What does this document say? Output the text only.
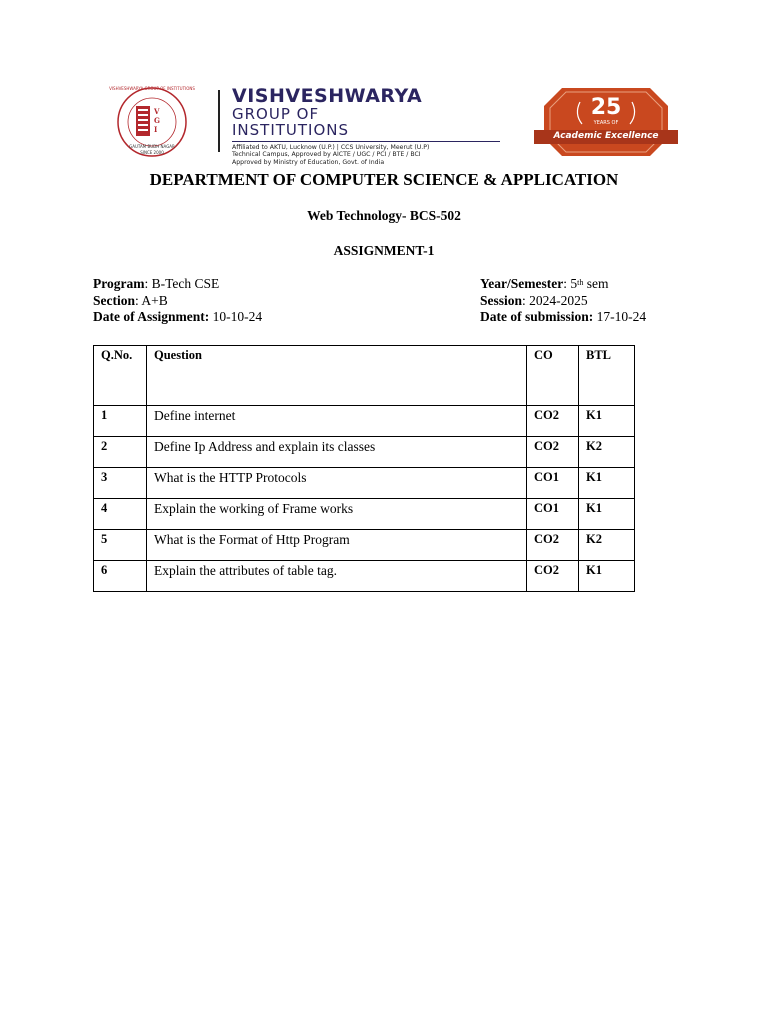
V
G
I
VISHVESHWARYA GROUP OF INSTITUTIONS
GAUTAM BUDH NAGAR
SINCE 2000
VISHVESHWARYA
GROUP OF
INSTITUTIONS
Affiliated to AKTU, Lucknow (U.P.) | CCS University, Meerut (U.P)
Technical Campus, Approved by AICTE / UGC / PCI / BTE / BCI
Approved by Ministry of Education, Govt. of India
25
YEARS OF
Academic Excellence
DEPARTMENT OF COMPUTER SCIENCE & APPLICATION
Web Technology- BCS-502
ASSIGNMENT-1
Program: B-Tech CSE
Section: A+B
Date of Assignment: 10-10-24
Year/Semester: 5th sem
Session: 2024-2025
Date of submission: 17-10-24
Q.No.	Question	CO	BTL

1	Define internet	CO2	K1

2	Define Ip Address and explain its classes	CO2	K2

3	What is the HTTP Protocols	CO1	K1

4	Explain the working of Frame works	CO1	K1

5	What is the Format of Http Program	CO2	K2

6	Explain the attributes of table tag.	CO2	K1
